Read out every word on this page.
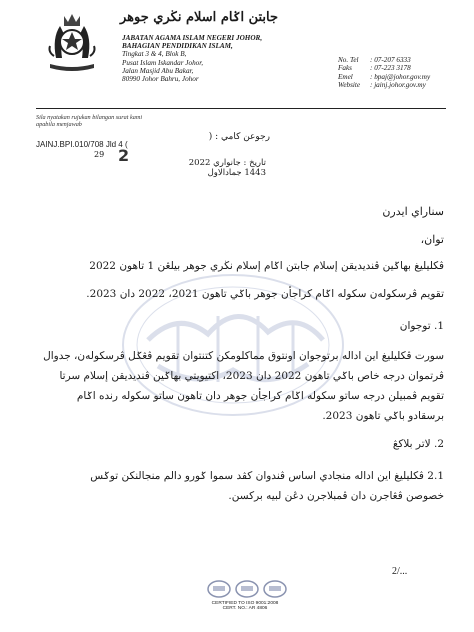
جابتن اݢام اسلام نڬري جوهر
JABATAN AGAMA ISLAM NEGERI JOHOR,
BAHAGIAN PENDIDIKAN ISLAM,
Tingkat 3 & 4, Blok B,
Pusat Islam Iskandar Johor,
Jalan Masjid Abu Bakar,
80990 Johor Bahru, Johor
No. Tel : 07-207 6333
Faks	: 07-223 3178
Emel : bpaj@johor.gov.my
Website : jainj.johor.gov.my
Sila nyatakan rujukan bilangan surat kami
apabila menjawab
رجوعن كامي : (
JAINJ.BPI.010/708 Jld 4 (
29 2	تاريخ : جانواري 2022
1443 جمادالاول
سناراي ايدرن
توان،
ڤكليليغ بهاݢين ڤنديديقن إسلام جابتن اݢام إسلام نڬري جوهر بيلڠن 1 تاهون 2022
تقويم ڤرسكوله‌ن سكوله اݢام كراجأن جوهر باݢي تاهون 2021، 2022 دان 2023.
1. توجوان
سورت ڤكليليغ اين اداله برتوجوان اونتوق مماكلومكن كتنتوان تقويم ڤڠݢل ڤرسكوله‌ن، جدوال
ڤرتموان درجه خاص باݢي تاهون 2022 دان 2023، اكتيويتي بهاݢين ڤنديديقن إسلام سرتا
تقويم ڤمبيلن درجه ساتو سكوله اݢام كراجأن جوهر دان تاهون ساتو سكوله رنده اݢام
برسقادو باݢي تاهون 2023.
2. لاتر بلاكڠ
2.1 ڤكليليغ اين اداله منجادي اساس ڤندوان كڤد سموا ݢورو دالم منجالنكن توݢس
خصوصن ڤڠاجرن دان ڤمبلاجرن دڠن لبيه برکسن.
2/...
CERTIFIED TO ISO 9001:2008
CERT. NO.: AR 4806
